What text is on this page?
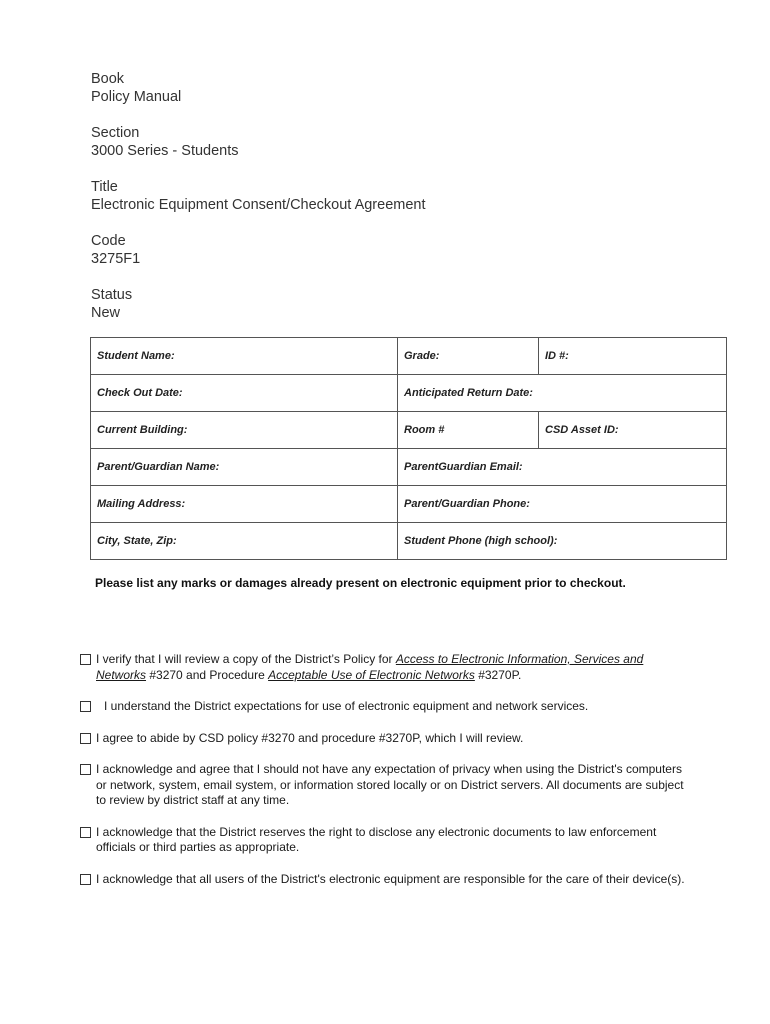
Book
Policy Manual
Section
3000 Series - Students
Title
Electronic Equipment Consent/Checkout Agreement
Code
3275F1
Status
New
Student Name:	Grade:	ID #:
Check Out Date:	Anticipated Return Date:	
Current Building:	Room #	CSD Asset ID:
Parent/Guardian Name:	ParentGuardian Email:	
Mailing Address:	Parent/Guardian Phone:	
City, State, Zip:	Student Phone (high school):	
Please list any marks or damages already present on electronic equipment prior to checkout.
I verify that I will review a copy of the District’s Policy for Access to Electronic Information, Services and Networks #3270 and Procedure Acceptable Use of Electronic Networks #3270P.
I understand the District expectations for use of electronic equipment and network services.
I agree to abide by CSD policy #3270 and procedure #3270P, which I will review.
I acknowledge and agree that I should not have any expectation of privacy when using the District's computers or network, system, email system, or information stored locally or on District servers. All documents are subject to review by district staff at any time.
I acknowledge that the District reserves the right to disclose any electronic documents to law enforcement officials or third parties as appropriate.
I acknowledge that all users of the District's electronic equipment are responsible for the care of their device(s).
